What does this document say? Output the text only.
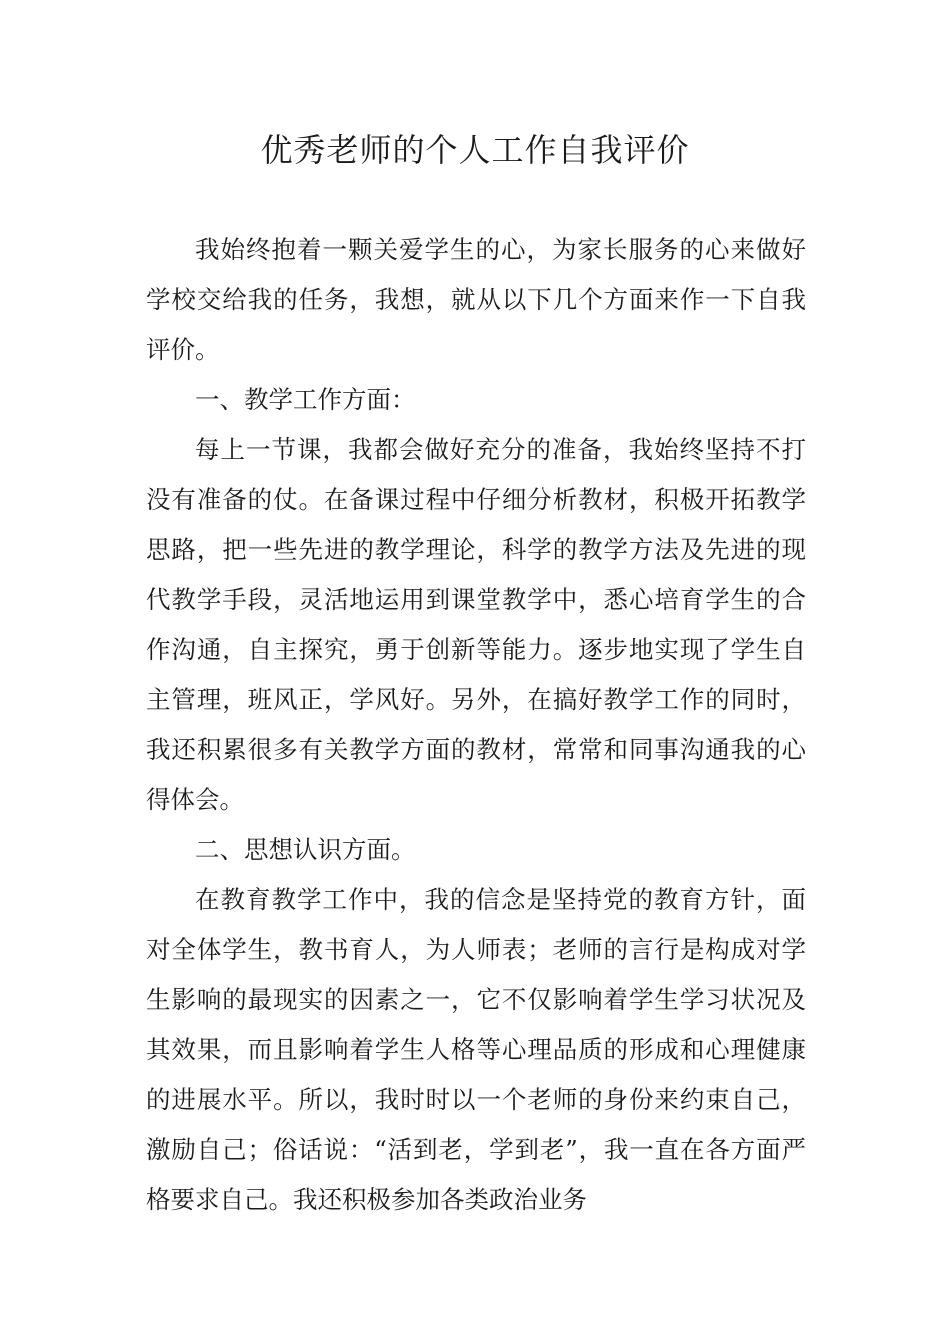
优秀老师的个人工作自我评价

我始终抱着一颗关爱学生的心，为家长服务的心来做好学校交给我的任务，我想，就从以下几个方面来作一下自我评价。

一、教学工作方面：

每上一节课，我都会做好充分的准备，我始终坚持不打没有准备的仗。在备课过程中仔细分析教材，积极开拓教学思路，把一些先进的教学理论，科学的教学方法及先进的现代教学手段，灵活地运用到课堂教学中，悉心培育学生的合作沟通，自主探究，勇于创新等能力。逐步地实现了学生自主管理，班风正，学风好。另外，在搞好教学工作的同时，我还积累很多有关教学方面的教材，常常和同事沟通我的心得体会。

二、思想认识方面。

在教育教学工作中，我的信念是坚持党的教育方针，面对全体学生，教书育人，为人师表；老师的言行是构成对学生影响的最现实的因素之一，它不仅影响着学生学习状况及其效果，而且影响着学生人格等心理品质的形成和心理健康的进展水平。所以，我时时以一个老师的身份来约束自己，激励自己；俗话说：“活到老，学到老”，我一直在各方面严格要求自己。我还积极参加各类政治业务
